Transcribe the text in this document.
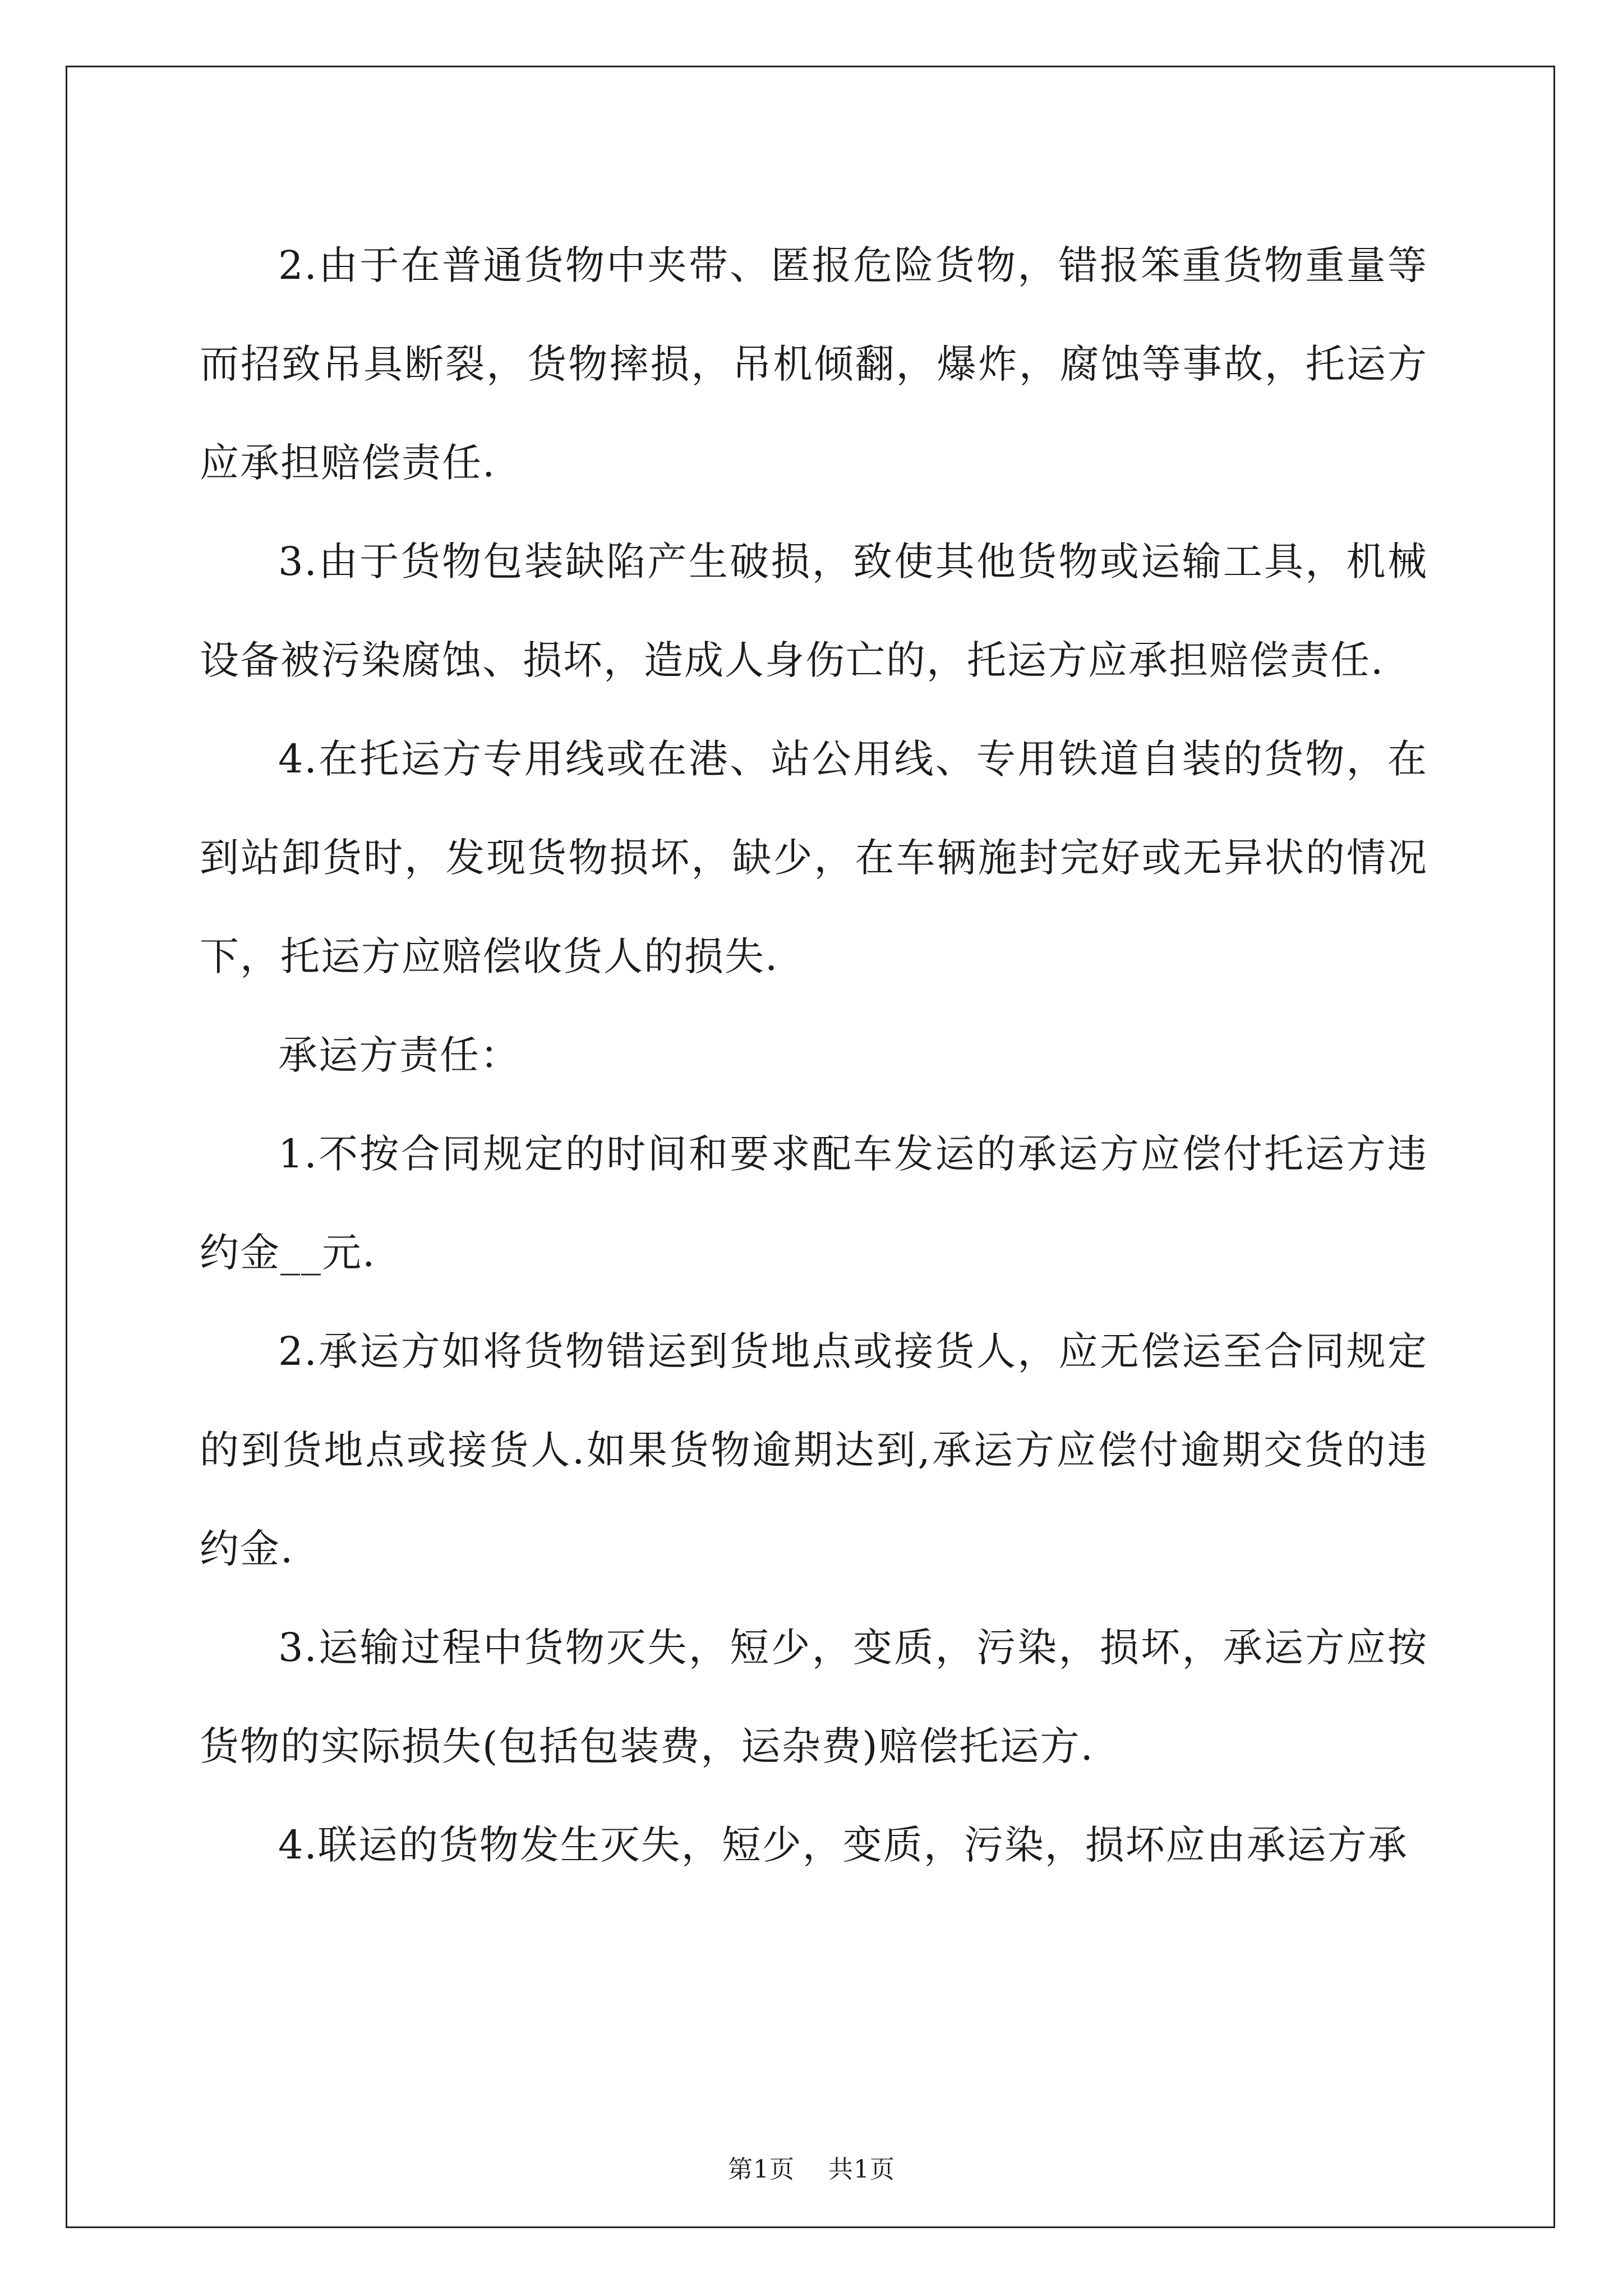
2.由于在普通货物中夹带、匿报危险货物，错报笨重货物重量等而招致吊具断裂，货物摔损，吊机倾翻，爆炸，腐蚀等事故，托运方应承担赔偿责任.

3.由于货物包装缺陷产生破损，致使其他货物或运输工具，机械设备被污染腐蚀、损坏，造成人身伤亡的，托运方应承担赔偿责任.

4.在托运方专用线或在港、站公用线、专用铁道自装的货物，在到站卸货时，发现货物损坏，缺少，在车辆施封完好或无异状的情况下，托运方应赔偿收货人的损失.

承运方责任：

1.不按合同规定的时间和要求配车发运的承运方应偿付托运方违约金__元.

2.承运方如将货物错运到货地点或接货人，应无偿运至合同规定的到货地点或接货人.如果货物逾期达到,承运方应偿付逾期交货的违约金.

3.运输过程中货物灭失，短少，变质，污染，损坏，承运方应按货物的实际损失(包括包装费，运杂费)赔偿托运方.

4.联运的货物发生灭失，短少，变质，污染，损坏应由承运方承

第1页 共1页
